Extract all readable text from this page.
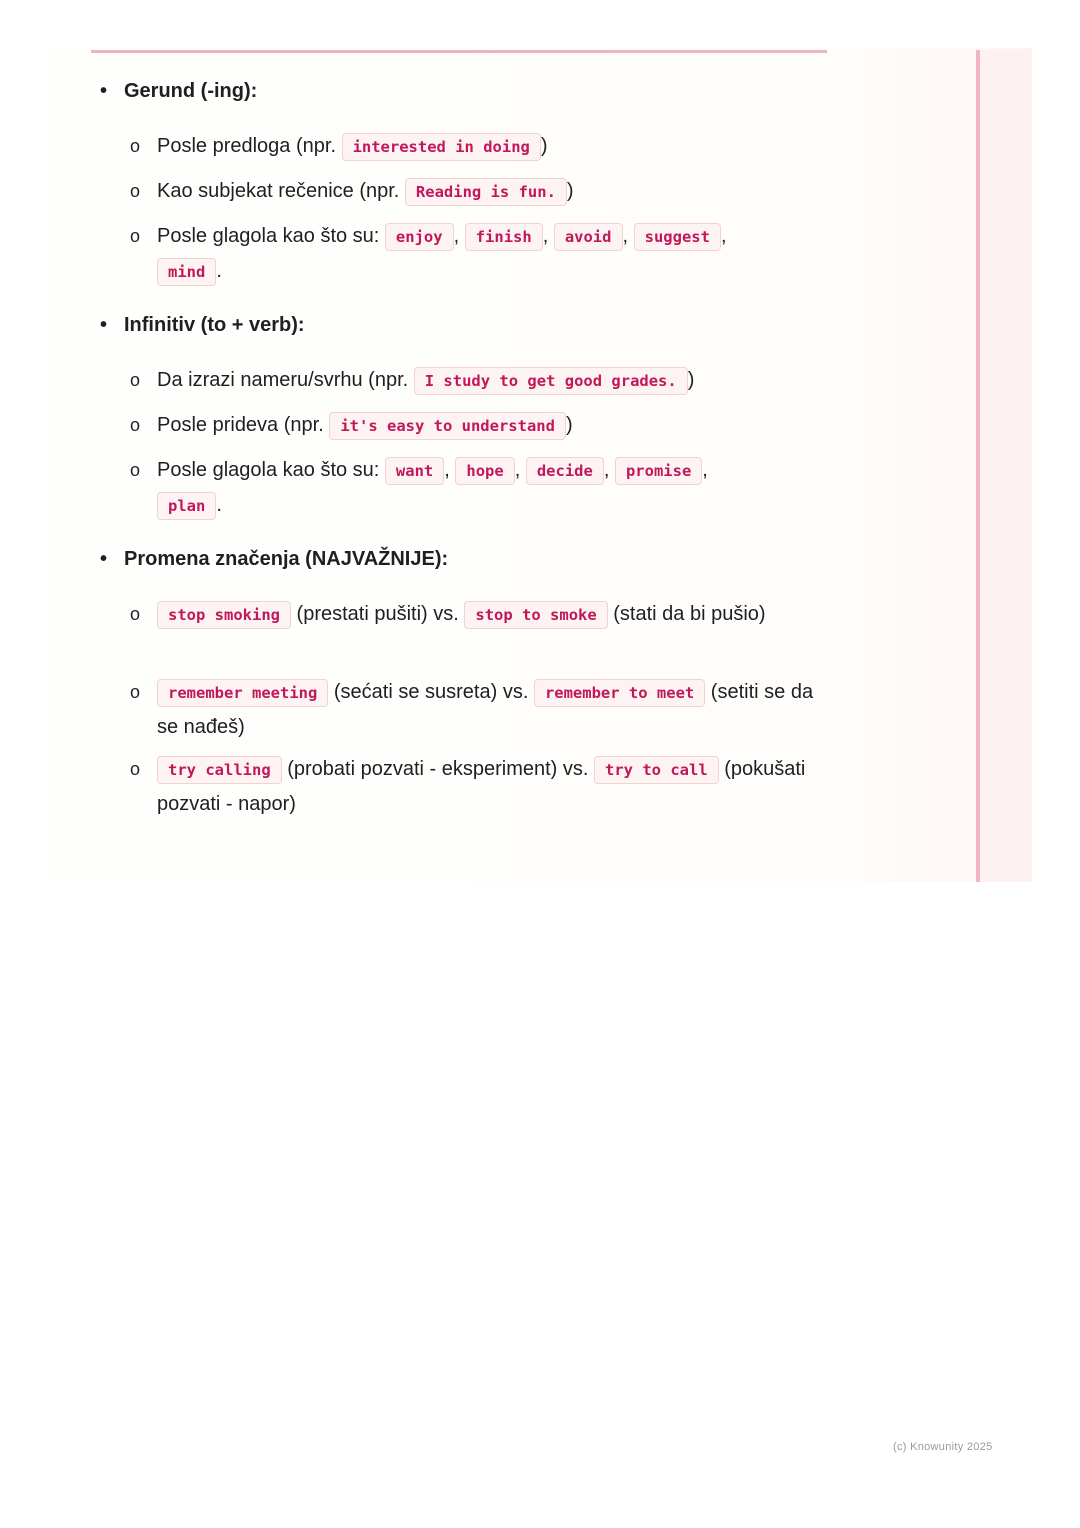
• Gerund (-ing):
o Posle predloga (npr. interested in doing )
o Kao subjekat rečenice (npr. Reading is fun. )
o Posle glagola kao što su: enjoy , finish , avoid , suggest ,
mind .
• Infinitiv (to + verb):
o Da izrazi nameru/svrhu (npr. I study to get good grades. )
o Posle prideva (npr. it's easy to understand )
o Posle glagola kao što su: want , hope , decide , promise ,
plan .
• Promena značenja (NAJVAŽNIJE):
o	stop smoking (prestati pušiti) vs. stop to smoke (stati da bi pušio)
o	remember meeting (sećati se susreta) vs. remember to meet (setiti se da se nađeš)
o	try calling (probati pozvati - eksperiment) vs. try to call (pokušati pozvati - napor)
(c) Knowunity 2025
